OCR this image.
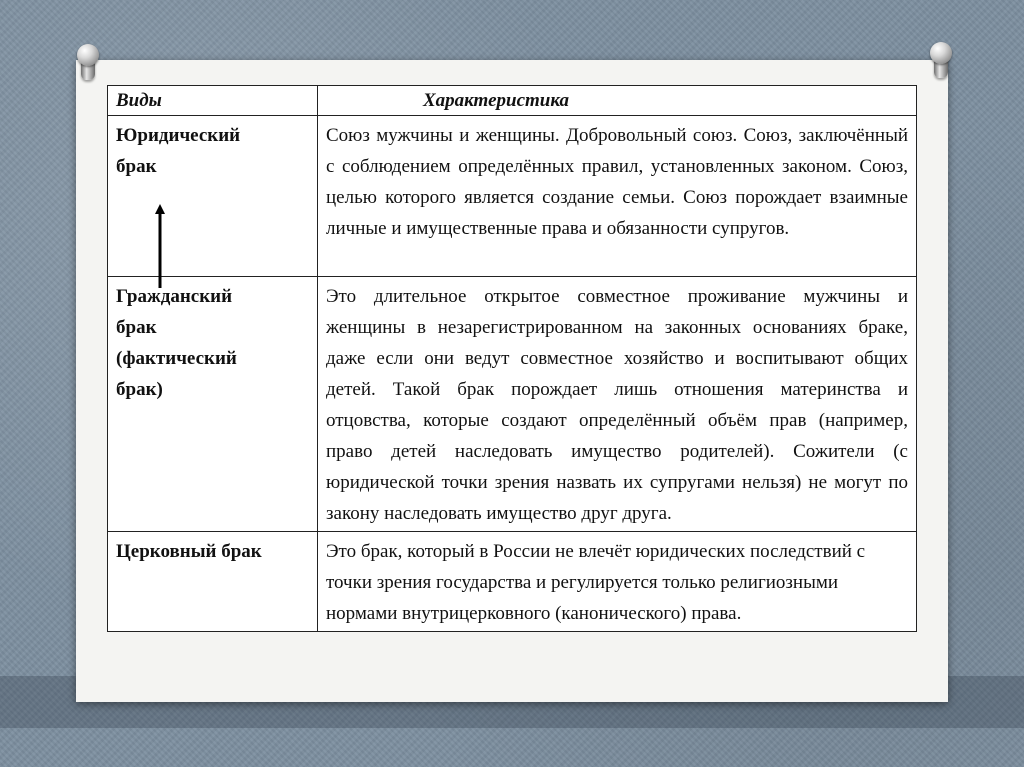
Виды	Характеристика

Юридический брак	Союз мужчины и женщины. Добровольный союз. Союз, заключённый с соблюдением определённых правил, установленных законом. Союз, целью которого является создание семьи. Союз порождает взаимные личные и имущественные права и обязанности супругов.

Гражданский брак (фактический брак)	Это длительное открытое совместное проживание мужчины и женщины в незарегистрированном на законных основаниях браке, даже если они ведут совместное хозяйство и воспитывают общих детей. Такой брак порождает лишь отношения материнства и отцовства, которые создают определённый объём прав (например, право детей наследовать имущество родителей). Сожители (с юридической точки зрения назвать их супругами нельзя) не могут по закону наследовать имущество друг друга.

Церковный брак	Это брак, который в России не влечёт юридических последствий с точки зрения государства и регулируется только религиозными нормами внутрицерковного (канонического) права.
